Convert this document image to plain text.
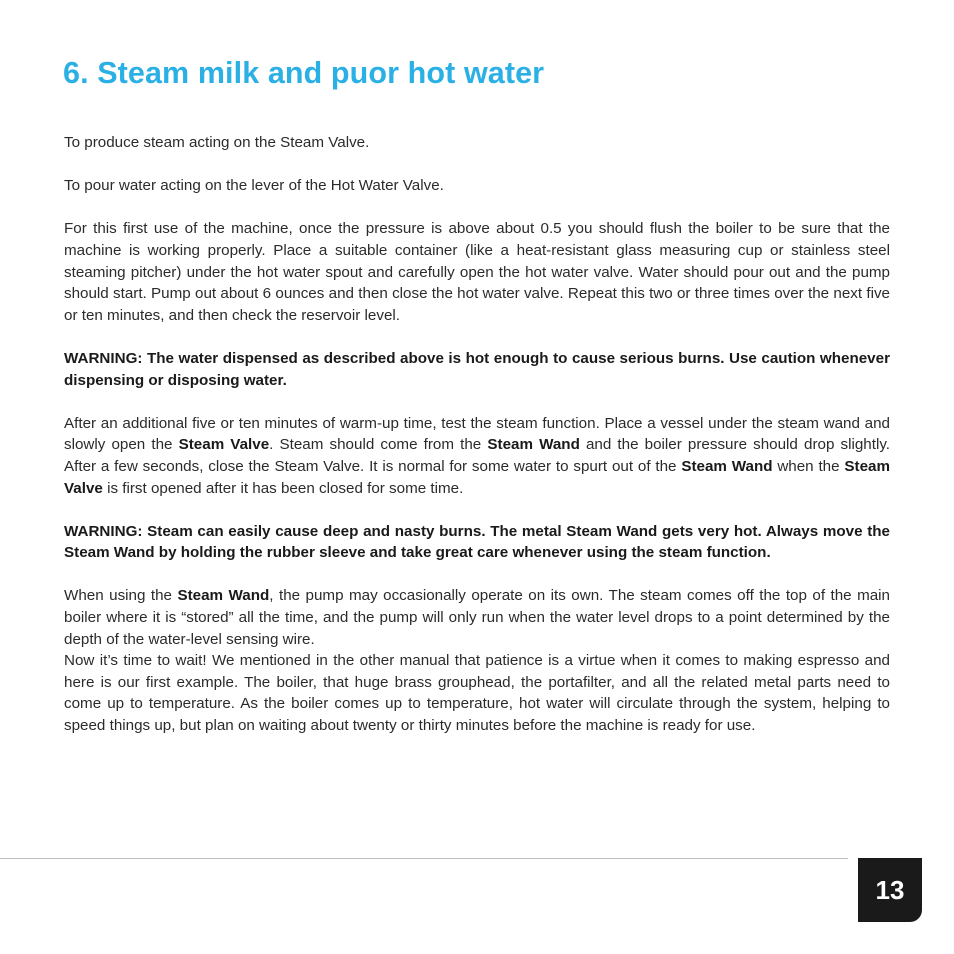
6. Steam milk and puor hot water

To produce steam acting on the Steam Valve.

To pour water acting on the lever of the Hot Water Valve.

For this first use of the machine, once the pressure is above about 0.5 you should flush the boiler to be sure that the machine is working properly. Place a suitable container (like a heat-resistant glass measuring cup or stainless steel steaming pitcher) under the hot water spout and carefully open the hot water valve. Water should pour out and the pump should start. Pump out about 6 ounces and then close the hot water valve. Repeat this two or three times over the next five or ten minutes, and then check the reservoir level.

WARNING: The water dispensed as described above is hot enough to cause serious burns. Use caution whenever dispensing or disposing water.

After an additional five or ten minutes of warm-up time, test the steam function. Place a vessel under the steam wand and slowly open the Steam Valve. Steam should come from the Steam Wand and the boiler pressure should drop slightly. After a few seconds, close the Steam Valve. It is normal for some water to spurt out of the Steam Wand when the Steam Valve is first opened after it has been closed for some time.

WARNING: Steam can easily cause deep and nasty burns. The metal Steam Wand gets very hot. Always move the Steam Wand by holding the rubber sleeve and take great care whenever using the steam function.

When using the Steam Wand, the pump may occasionally operate on its own. The steam comes off the top of the main boiler where it is “stored” all the time, and the pump will only run when the water level drops to a point determined by the depth of the water-level sensing wire.

Now it’s time to wait! We mentioned in the other manual that patience is a virtue when it comes to making espresso and here is our first example. The boiler, that huge brass grouphead, the portafilter, and all the related metal parts need to come up to temperature. As the boiler comes up to temperature, hot water will circulate through the system, helping to speed things up, but plan on waiting about twenty or thirty minutes before the machine is ready for use.

13
